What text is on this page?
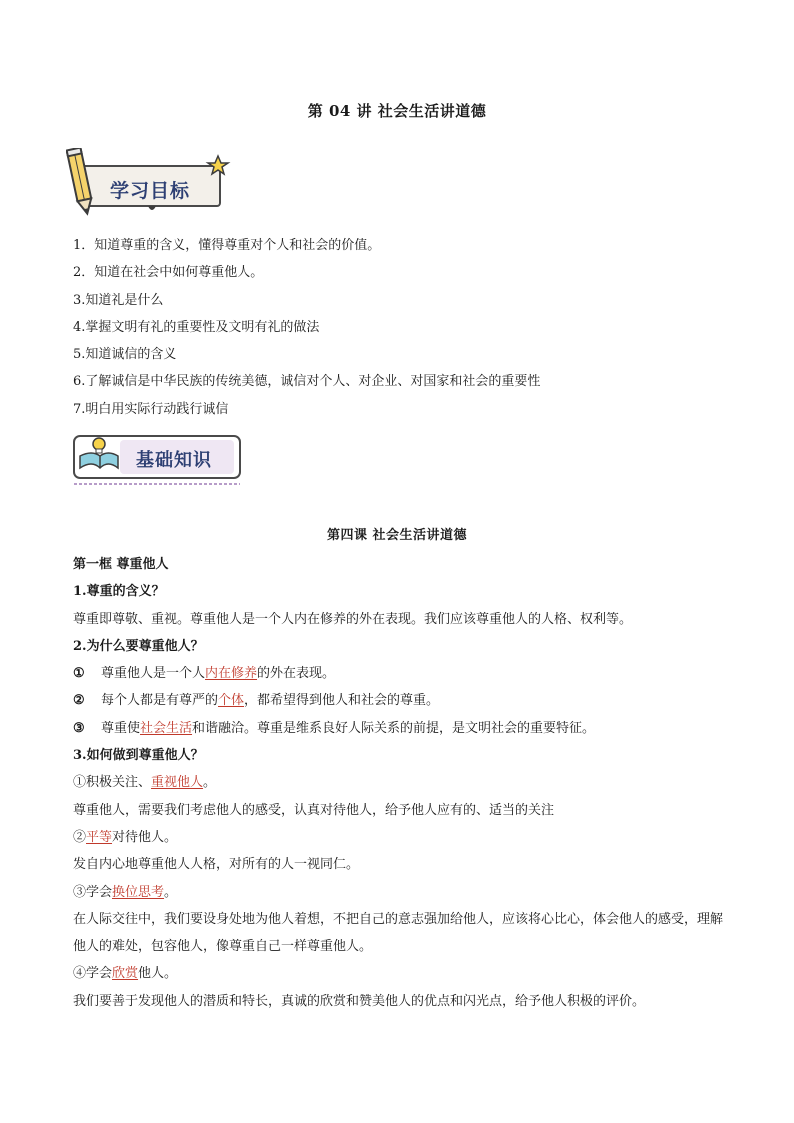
第 04 讲 社会生活讲道德
学习目标
1．知道尊重的含义，懂得尊重对个人和社会的价值。
2．知道在社会中如何尊重他人。
3.知道礼是什么
4.掌握文明有礼的重要性及文明有礼的做法
5.知道诚信的含义
6.了解诚信是中华民族的传统美德，诚信对个人、对企业、对国家和社会的重要性
7.明白用实际行动践行诚信
基础知识
第四课 社会生活讲道德
第一框 尊重他人
1.尊重的含义？
尊重即尊敬、重视。尊重他人是一个人内在修养的外在表现。我们应该尊重他人的人格、权利等。
2.为什么要尊重他人？
① 尊重他人是一个人内在修养的外在表现。
② 每个人都是有尊严的个体，都希望得到他人和社会的尊重。
③ 尊重使社会生活和谐融洽。尊重是维系良好人际关系的前提，是文明社会的重要特征。
3.如何做到尊重他人？
①积极关注、重视他人。
尊重他人，需要我们考虑他人的感受，认真对待他人，给予他人应有的、适当的关注
②平等对待他人。
发自内心地尊重他人人格，对所有的人一视同仁。
③学会换位思考。
在人际交往中，我们要设身处地为他人着想，不把自己的意志强加给他人，应该将心比心，体会他人的感受，理解他人的难处，包容他人，像尊重自己一样尊重他人。
④学会欣赏他人。
我们要善于发现他人的潜质和特长，真诚的欣赏和赞美他人的优点和闪光点，给予他人积极的评价。
